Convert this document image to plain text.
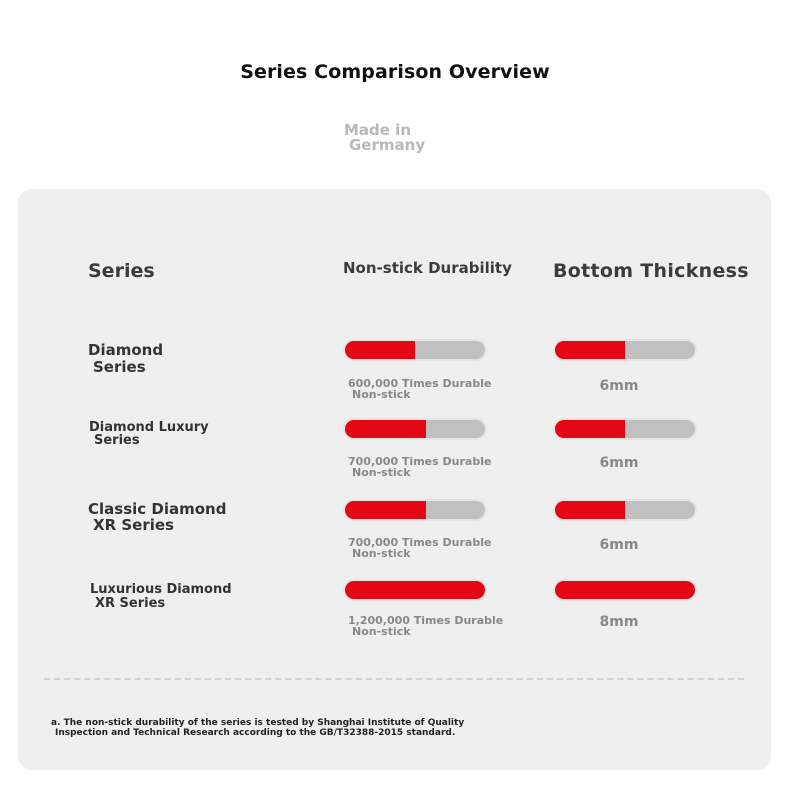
Series Comparison Overview
Made in
Germany
Series	Non-stick Durability Bottom Thickness
Diamond
Series
600,000 Times Durable
Non-stick
6mm
Diamond Luxury
Series
700,000 Times Durable
Non-stick
6mm
Classic Diamond
XR Series
700,000 Times Durable
Non-stick
6mm
Luxurious Diamond
XR Series
1,200,000 Times Durable
Non-stick
8mm
a. The non-stick durability of the series is tested by Shanghai Institute of Quality
Inspection and Technical Research according to the GB/T32388-2015 standard.
